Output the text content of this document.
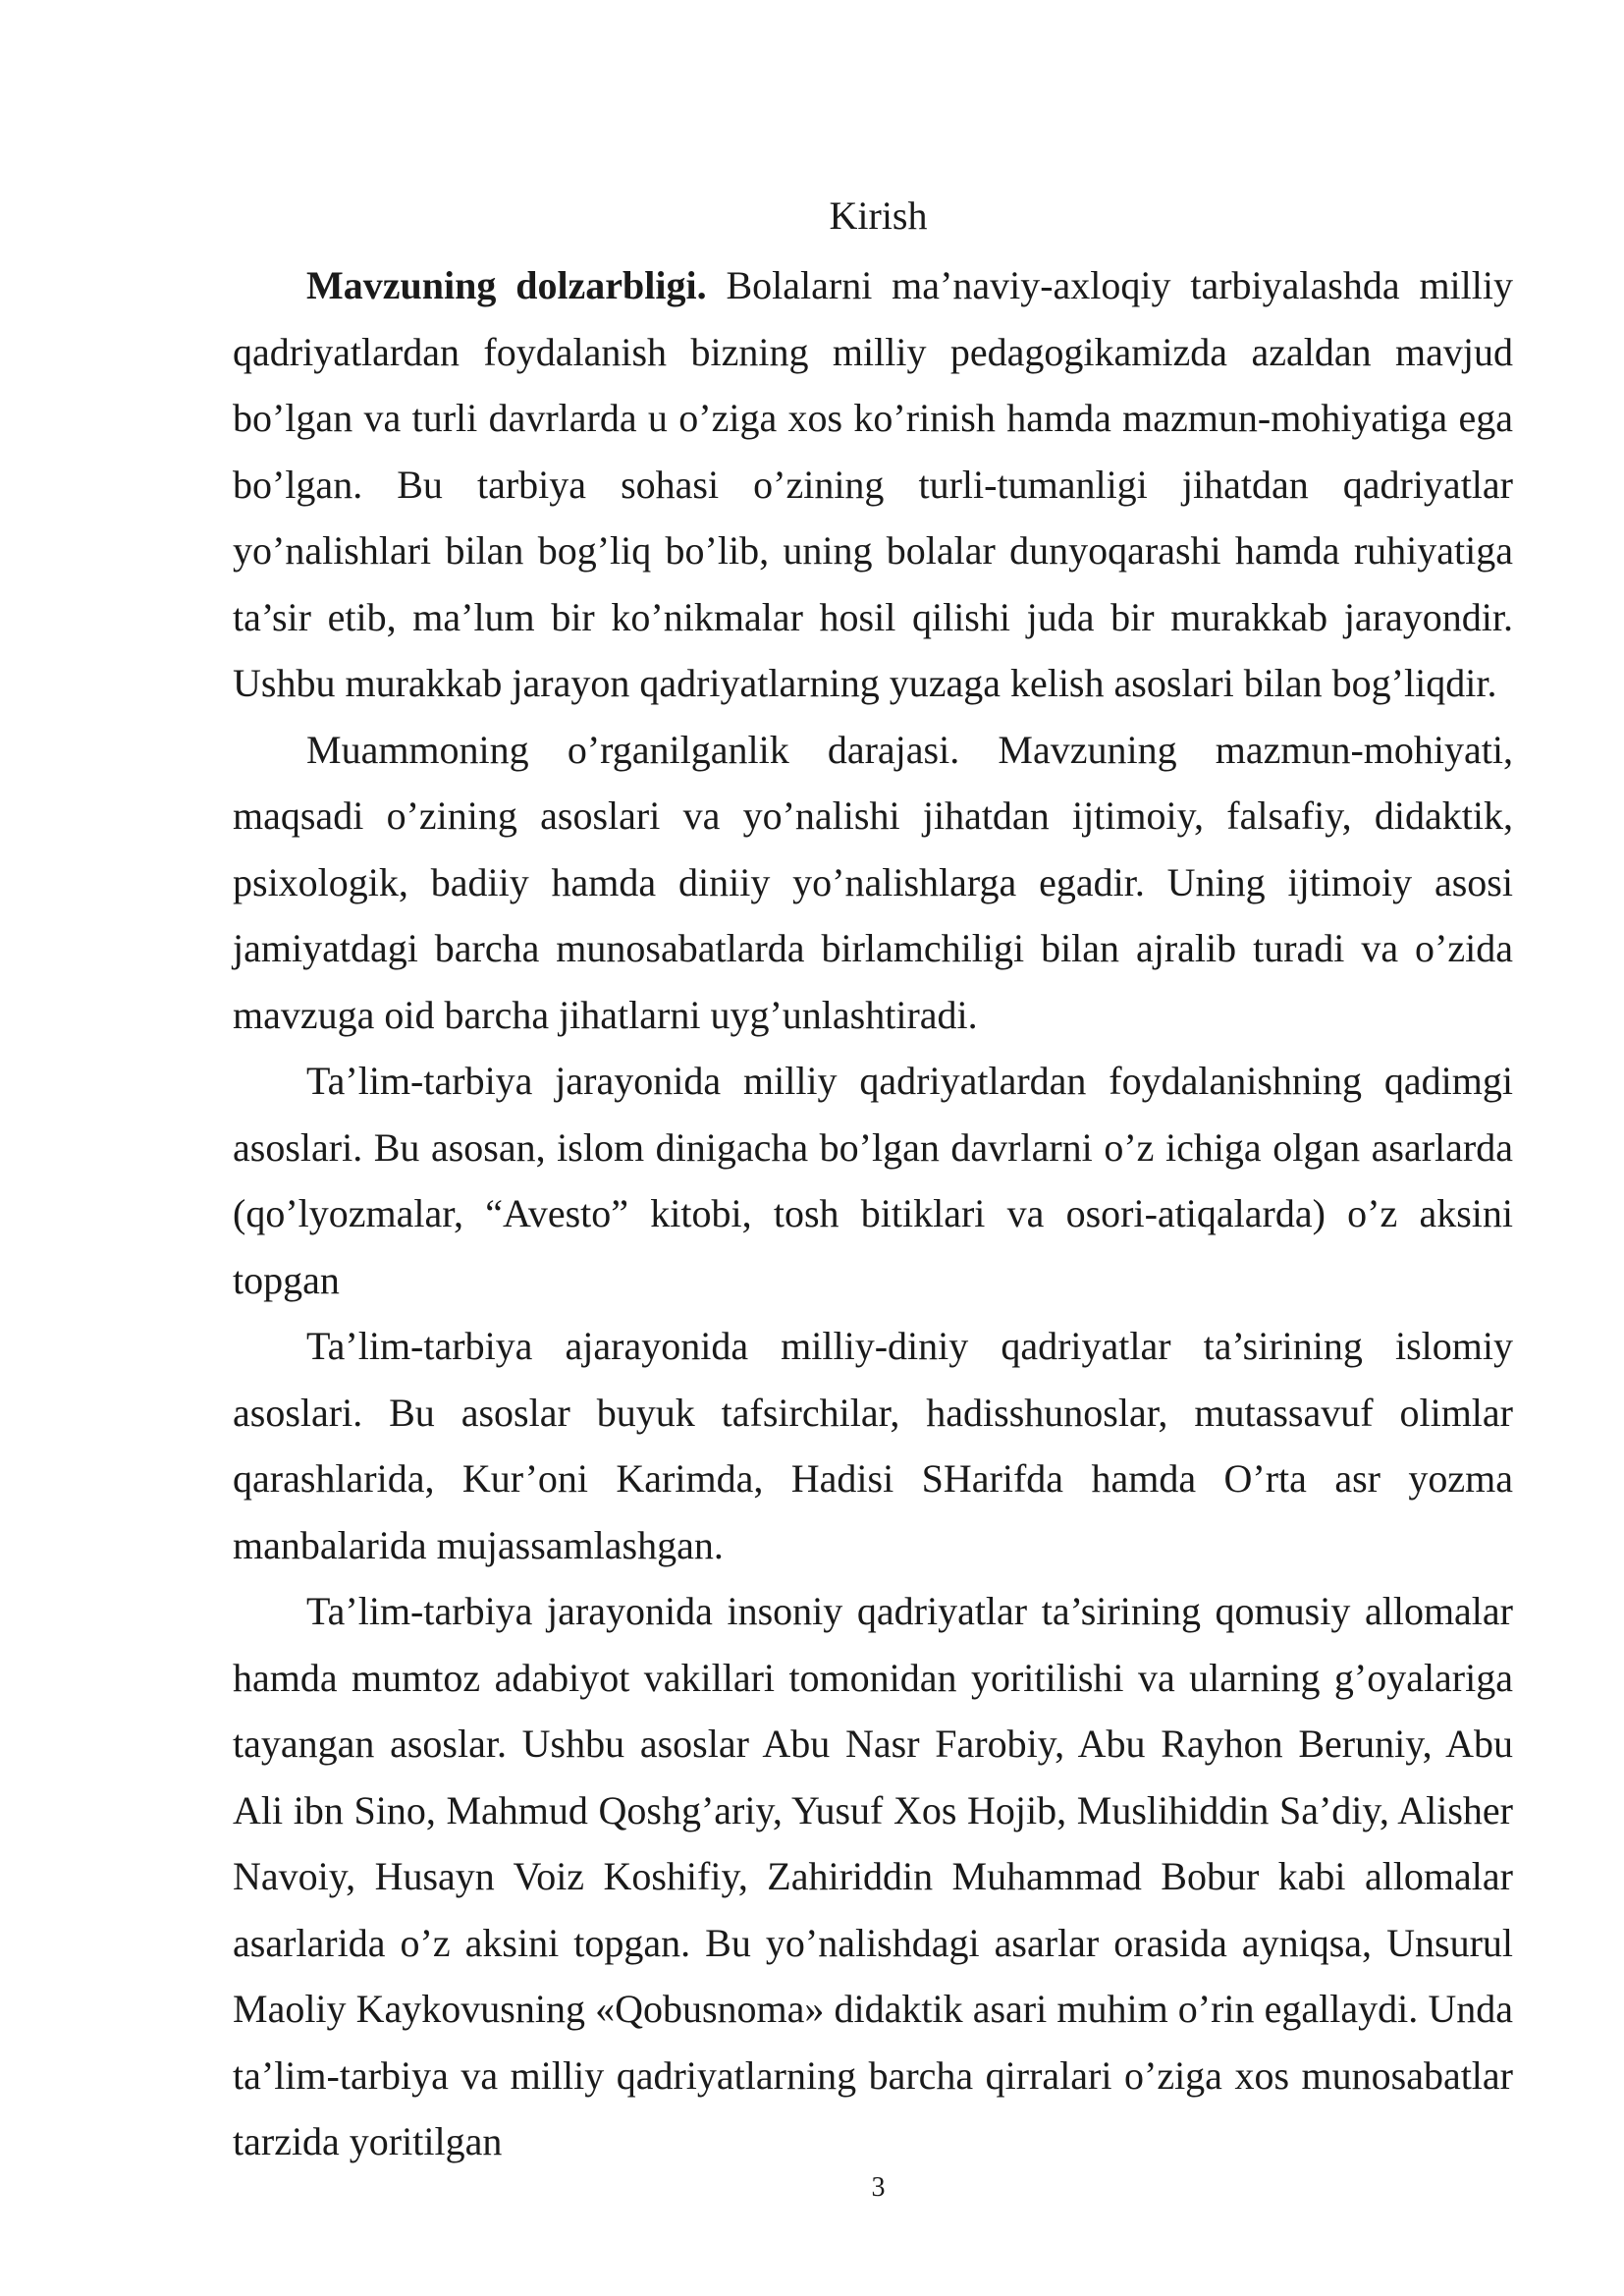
Kirish

Mavzuning dolzarbligi. Bolalarni ma’naviy-axloqiy tarbiyalashda milliy qadriyatlardan foydalanish bizning milliy pedagogikamizda azaldan mavjud bo’lgan va turli davrlarda u o’ziga xos ko’rinish hamda mazmun-mohiyatiga ega bo’lgan. Bu tarbiya sohasi o’zining turli-tumanligi jihatdan qadriyatlar yo’nalishlari bilan bog’liq bo’lib, uning bolalar dunyoqarashi hamda ruhiyatiga ta’sir etib, ma’lum bir ko’nikmalar hosil qilishi juda bir murakkab jarayondir. Ushbu murakkab jarayon qadriyatlarning yuzaga kelish asoslari bilan bog’liqdir.

Muammoning o’rganilganlik darajasi. Mavzuning mazmun-mohiyati, maqsadi o’zining asoslari va yo’nalishi jihatdan ijtimoiy, falsafiy, didaktik, psixologik, badiiy hamda diniiy yo’nalishlarga egadir. Uning ijtimoiy asosi jamiyatdagi barcha munosabatlarda birlamchiligi bilan ajralib turadi va o’zida mavzuga oid barcha jihatlarni uyg’unlashtiradi.

Ta’lim-tarbiya jarayonida milliy qadriyatlardan foydalanishning qadimgi asoslari. Bu asosan, islom dinigacha bo’lgan davrlarni o’z ichiga olgan asarlarda (qo’lyozmalar, “Avesto” kitobi, tosh bitiklari va osori-atiqalarda) o’z aksini topgan

Ta’lim-tarbiya ajarayonida milliy-diniy qadriyatlar ta’sirining islomiy asoslari. Bu asoslar buyuk tafsirchilar, hadisshunoslar, mutassavuf olimlar qarashlarida, Kur’oni Karimda, Hadisi SHarifda hamda O’rta asr yozma manbalarida mujassamlashgan.

Ta’lim-tarbiya jarayonida insoniy qadriyatlar ta’sirining qomusiy allomalar hamda mumtoz adabiyot vakillari tomonidan yoritilishi va ularning g’oyalariga tayangan asoslar. Ushbu asoslar Abu Nasr Farobiy, Abu Rayhon Beruniy, Abu Ali ibn Sino, Mahmud Qoshg’ariy, Yusuf Xos Hojib, Muslihiddin Sa’diy, Alisher Navoiy, Husayn Voiz Koshifiy, Zahiriddin Muhammad Bobur kabi allomalar asarlarida o’z aksini topgan. Bu yo’nalishdagi asarlar orasida ayniqsa, Unsurul Maoliy Kaykovusning «Qobusnoma» didaktik asari muhim o’rin egallaydi. Unda ta’lim-tarbiya va milliy qadriyatlarning barcha qirralari o’ziga xos munosabatlar tarzida yoritilgan

3
